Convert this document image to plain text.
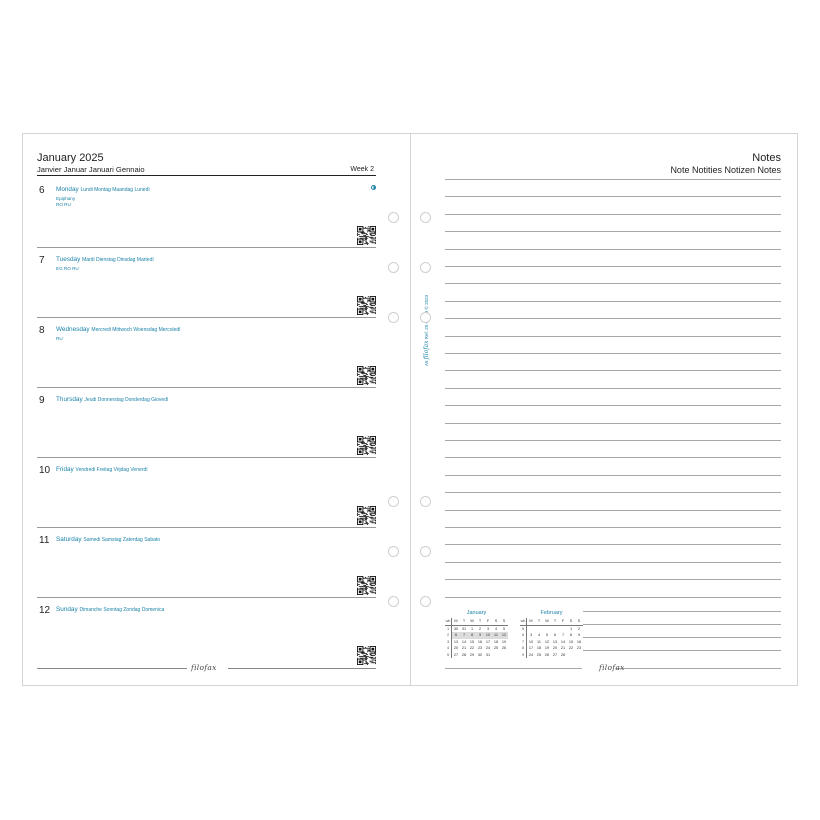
January 2025
Janvier Januar Januari Gennaio	Week 2
6 Monday Lundi Montag Maandag Lunedì
Epiphany
RO RU
7 Tuesday Mardi Dienstag Dinsdag Martedì
EG RO RU
8 Wednesday Mercredi Mittwoch Woensdag Mercoledì
RU
9 Thursday Jeudi Donnerstag Donderdag Giovedì
10 Friday Vendredi Freitag Vrijdag Venerdì
11 Saturday Samedi Samstag Zaterdag Sabato
12 Sunday Dimanche Sonntag Zondag Domenica
filofax
Notes
Note Notities Notizen Notes
A5 filofax
January
wk	M	T	W	T	F	S	S
1	30	31	1	2	3	4	5
2	6	7	8	9	10	11	12
3	13	14	15	16	17	18	19
4	20	21	22	23	24	25	26
5	27	28	29	30	31		
February
wk	M	T	W	T	F	S	S
5						1	2
6	3	4	5	6	7	8	9
7	10	11	12	13	14	15	16
8	17	18	19	20	21	22	23
9	24	25	26	27	28		
filofax
